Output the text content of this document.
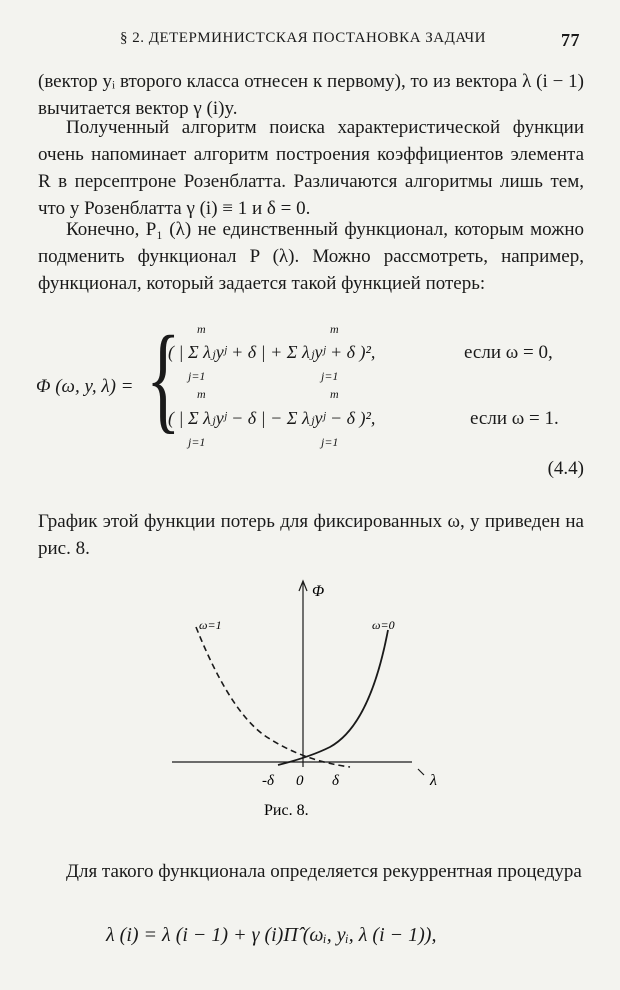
§ 2. ДЕТЕРМИНИСТСКАЯ ПОСТАНОВКА ЗАДАЧИ	77
(вектор yᵢ второго класса отнесен к первому), то из вектора λ (i − 1) вычитается вектор γ (i)y.
Полученный алгоритм поиска характеристической функции очень напоминает алгоритм построения коэффициентов элемента R в персептроне Розенблатта. Различаются алгоритмы лишь тем, что у Розенблатта γ (i) ≡ 1 и δ = 0.
Конечно, P₁ (λ) не единственный функционал, которым можно подменить функционал P (λ). Можно рассмотреть, например, функционал, который задается такой функцией потерь:
Φ (ω, y, λ) = {
( | Σ λⱼyʲ + δ | + Σ λⱼyʲ + δ )²,	если ω = 0,
( | Σ λⱼyʲ − δ | − Σ λⱼyʲ − δ )²,	если ω = 1.
m
j=1
m
j=1
m
j=1
m
j=1
(4.4)
График этой функции потерь для фиксированных ω, y приведен на рис. 8.
Φ
ω=1	ω=0
-δ 0 δ	λ
Рис. 8.
Для такого функционала определяется рекуррентная процедура
λ (i) = λ (i − 1) + γ (i)Π̂ (ωᵢ, yᵢ, λ (i − 1)),
